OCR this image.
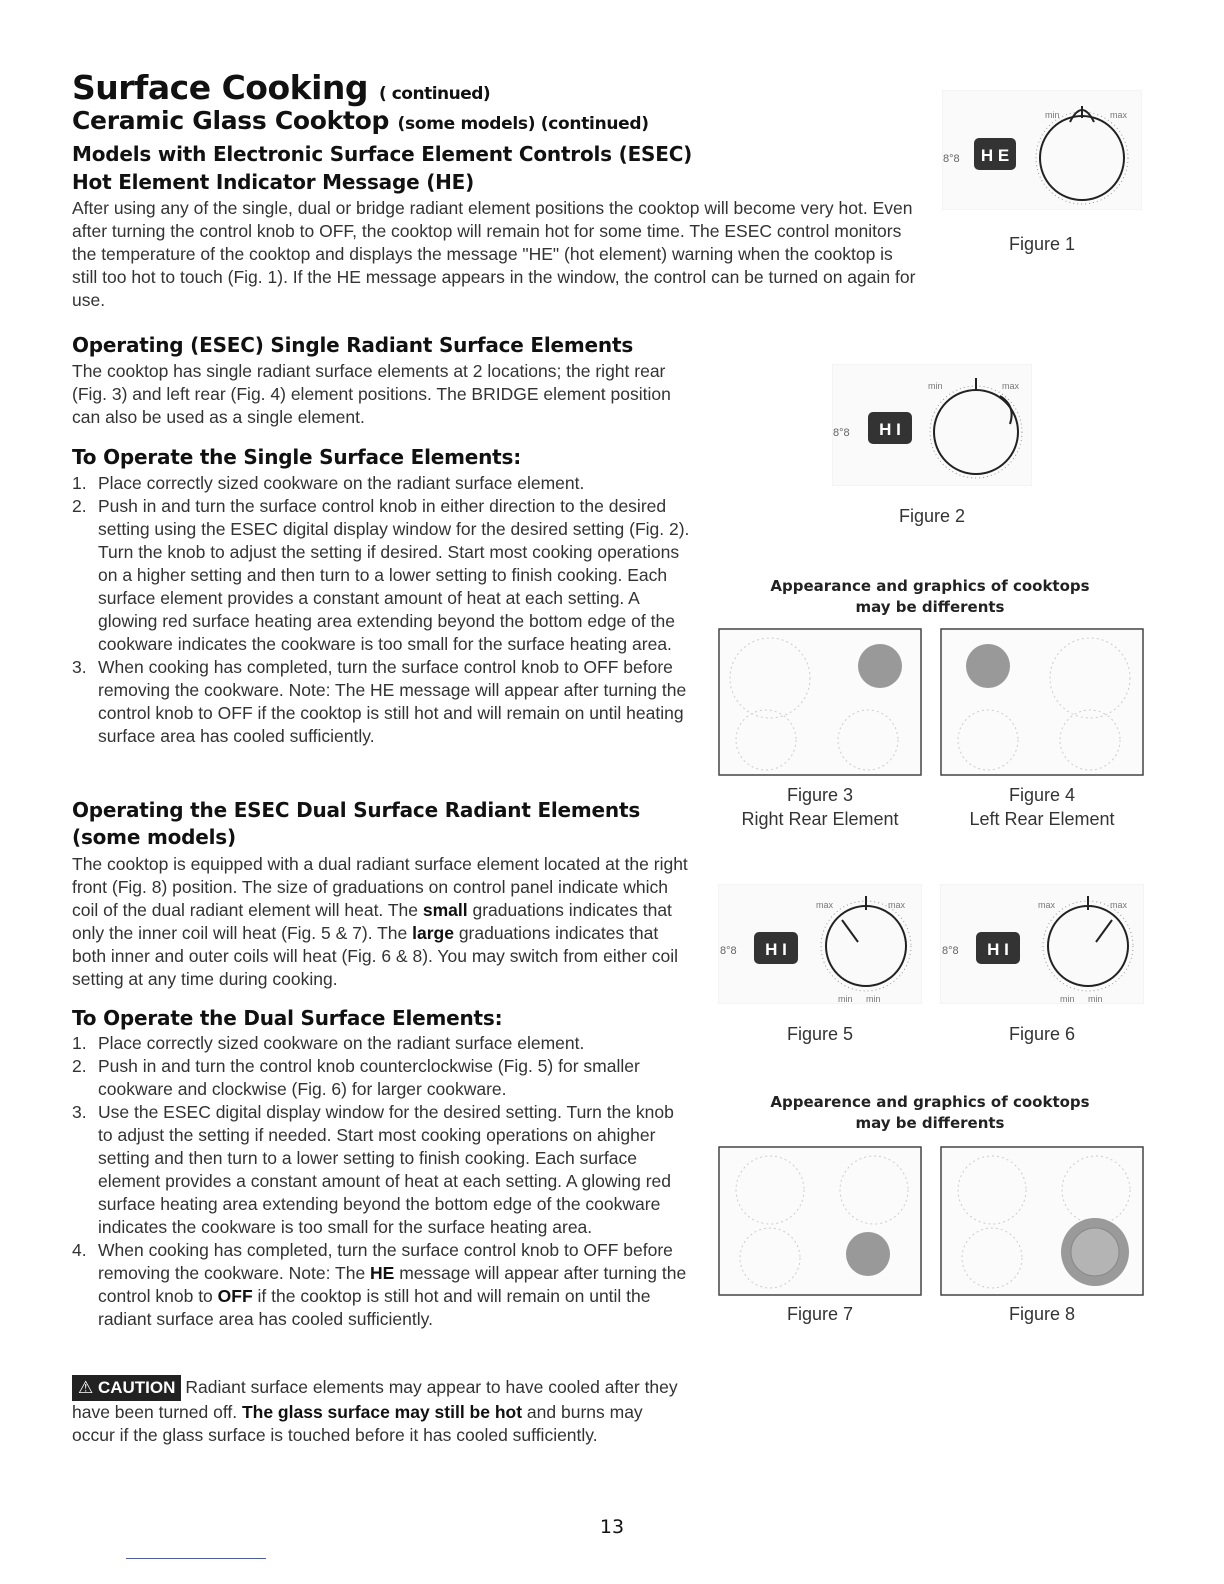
Surface Cooking ( continued)
Ceramic Glass Cooktop (some models) (continued)
Models with Electronic Surface Element Controls (ESEC)
Hot Element Indicator Message (HE)
After using any of the single, dual or bridge radiant element positions the cooktop will become very hot. Even after turning the control knob to OFF, the cooktop will remain hot for some time. The ESEC control monitors the temperature of the cooktop and displays the message "HE" (hot element) warning when the cooktop is still too hot to touch (Fig. 1). If the HE message appears in the window, the control can be turned on again for use.
Operating (ESEC) Single Radiant Surface Elements
The cooktop has single radiant surface elements at 2 locations; the right rear (Fig. 3) and left rear (Fig. 4) element positions. The BRIDGE element position can also be used as a single element.
To Operate the Single Surface Elements:
1. Place correctly sized cookware on the radiant surface element.
2. Push in and turn the surface control knob in either direction to the desired setting using the ESEC digital display window for the desired setting (Fig. 2). Turn the knob to adjust the setting if desired. Start most cooking operations on a higher setting and then turn to a lower setting to finish cooking. Each surface element provides a constant amount of heat at each setting. A glowing red surface heating area extending beyond the bottom edge of the cookware indicates the cookware is too small for the surface heating area.
3. When cooking has completed, turn the surface control knob to OFF before removing the cookware. Note: The HE message will appear after turning the control knob to OFF if the cooktop is still hot and will remain on until heating surface area has cooled sufficiently.
Operating the ESEC Dual Surface Radiant Elements
(some models)
The cooktop is equipped with a dual radiant surface element located at the right front (Fig. 8) position. The size of graduations on control panel indicate which coil of the dual radiant element will heat. The small graduations indicates that only the inner coil will heat (Fig. 5 & 7). The large graduations indicates that both inner and outer coils will heat (Fig. 6 & 8). You may switch from either coil setting at any time during cooking.
To Operate the Dual Surface Elements:
1. Place correctly sized cookware on the radiant surface element.
2. Push in and turn the control knob counterclockwise (Fig. 5) for smaller cookware and clockwise (Fig. 6) for larger cookware.
3. Use the ESEC digital display window for the desired setting. Turn the knob to adjust the setting if needed. Start most cooking operations on ahigher setting and then turn to a lower setting to finish cooking. Each surface element provides a constant amount of heat at each setting. A glowing red surface heating area extending beyond the bottom edge of the cookware indicates the cookware is too small for the surface heating area.
4. When cooking has completed, turn the surface control knob to OFF before removing the cookware. Note: The HE message will appear after turning the control knob to OFF if the cooktop is still hot and will remain on until the radiant surface area has cooled sufficiently.
⚠ CAUTION Radiant surface elements may appear to have cooled after they have been turned off. The glass surface may still be hot and burns may occur if the glass surface is touched before it has cooled sufficiently.
8°8 H E
min	max
Figure 1
8°8 H I
min	max
Figure 2
Appearance and graphics of cooktops
may be differents
Figure 3
Right Rear Element
Figure 4
Left Rear Element
8°8 H I
max	max
min min
8°8 H I
max	max
min min
Figure 5	Figure 6
Appearence and graphics of cooktops
may be differents
Figure 7	Figure 8
13
